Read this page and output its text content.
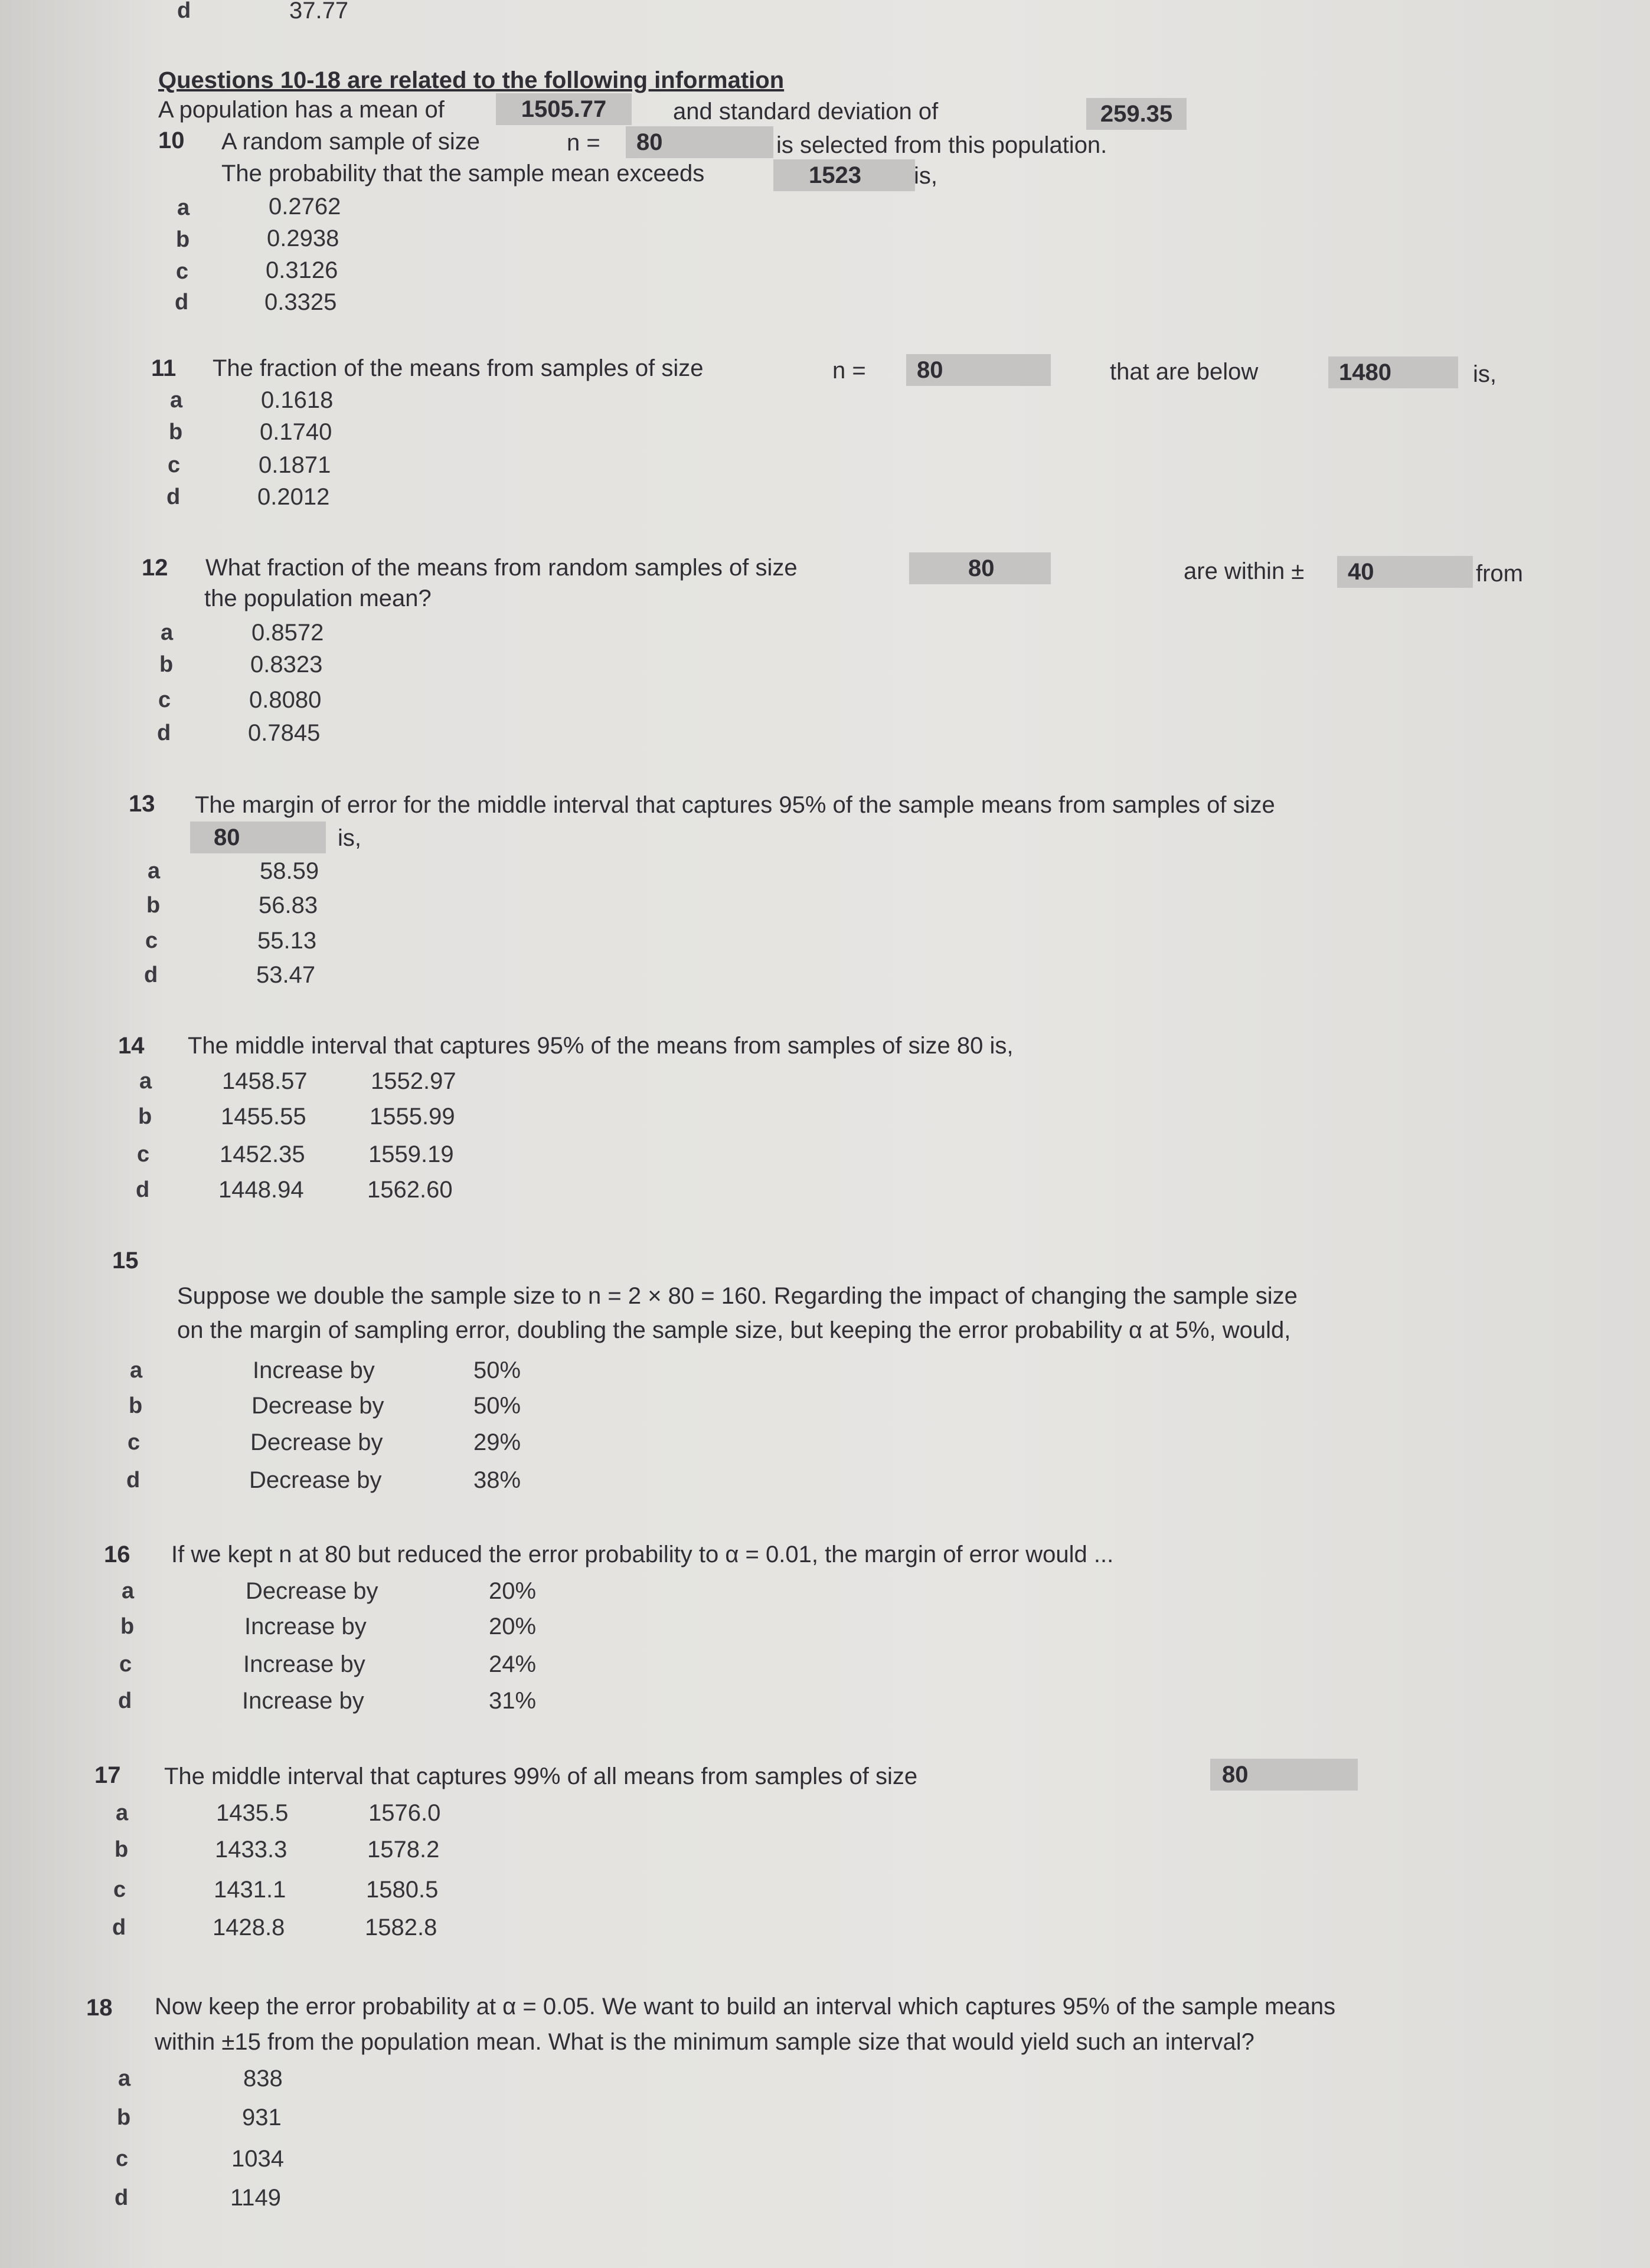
d	37.77
Questions 10-18 are related to the following information
A population has a mean of	1505.77	and standard deviation of	259.35
10 A random sample of size	n =	80	is selected from this population.
The probability that the sample mean exceeds	1523	is,
a	0.2762
b	0.2938
c	0.3126
d	0.3325
11 The fraction of the means from samples of size	n =	80	that are below	1480	is,
a	0.1618
b	0.1740
c	0.1871
d	0.2012
12 What fraction of the means from random samples of size	80	are within ±	40	from
the population mean?
a	0.8572
b	0.8323
c	0.8080
d	0.7845
13 The margin of error for the middle interval that captures 95% of the sample means from samples of size
80	is,
a	58.59
b	56.83
c	55.13
d	53.47
14 The middle interval that captures 95% of the means from samples of size 80 is,
a	1458.57	1552.97
b	1455.55	1555.99
c	1452.35	1559.19
d	1448.94	1562.60
15
Suppose we double the sample size to n = 2 × 80 = 160. Regarding the impact of changing the sample size
on the margin of sampling error, doubling the sample size, but keeping the error probability α at 5%, would,
a	Increase by	50%
b	Decrease by	50%
c	Decrease by	29%
d	Decrease by	38%
16 If we kept n at 80 but reduced the error probability to α = 0.01, the margin of error would ...
a	Decrease by	20%
b	Increase by	20%
c	Increase by	24%
d	Increase by	31%
17 The middle interval that captures 99% of all means from samples of size	80
a	1435.5	1576.0
b	1433.3	1578.2
c	1431.1	1580.5
d	1428.8	1582.8
18 Now keep the error probability at α = 0.05. We want to build an interval which captures 95% of the sample means
within ±15 from the population mean. What is the minimum sample size that would yield such an interval?
a	838
b	931
c	1034
d	1149
